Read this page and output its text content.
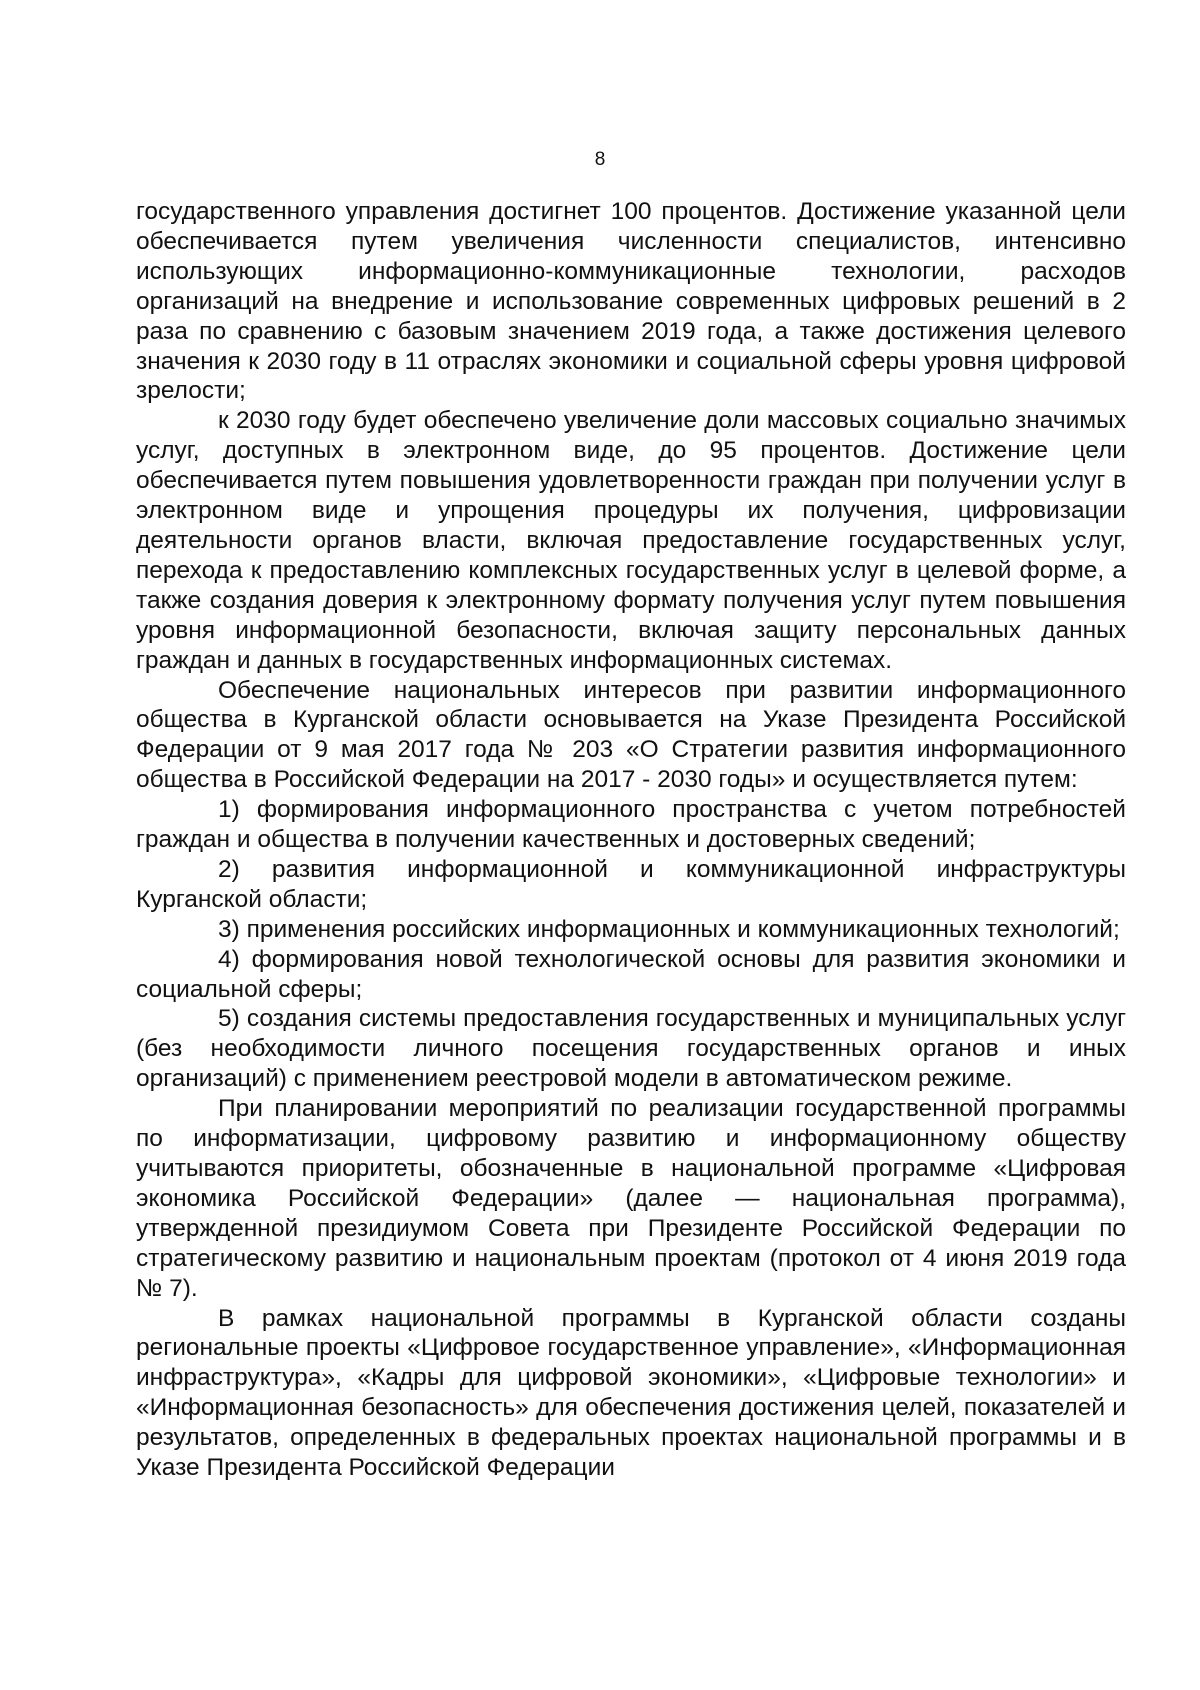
8

государственного управления достигнет 100 процентов. Достижение указанной цели обеспечивается путем увеличения численности специалистов, интенсивно использующих информационно-коммуникационные технологии, расходов организаций на внедрение и использование современных цифровых решений в 2 раза по сравнению с базовым значением 2019 года, а также достижения целевого значения к 2030 году в 11 отраслях экономики и социальной сферы уровня цифровой зрелости;

к 2030 году будет обеспечено увеличение доли массовых социально значимых услуг, доступных в электронном виде, до 95 процентов. Достижение цели обеспечивается путем повышения удовлетворенности граждан при получении услуг в электронном виде и упрощения процедуры их получения, цифровизации деятельности органов власти, включая предоставление государственных услуг, перехода к предоставлению комплексных государственных услуг в целевой форме, а также создания доверия к электронному формату получения услуг путем повышения уровня информационной безопасности, включая защиту персональных данных граждан и данных в государственных информационных системах.

Обеспечение национальных интересов при развитии информационного общества в Курганской области основывается на Указе Президента Российской Федерации от 9 мая 2017 года № 203 «О Стратегии развития информационного общества в Российской Федерации на 2017 - 2030 годы» и осуществляется путем:

1) формирования информационного пространства с учетом потребностей граждан и общества в получении качественных и достоверных сведений;

2) развития информационной и коммуникационной инфраструктуры Курганской области;

3) применения российских информационных и коммуникационных технологий;

4) формирования новой технологической основы для развития экономики и социальной сферы;

5) создания системы предоставления государственных и муниципальных услуг (без необходимости личного посещения государственных органов и иных организаций) с применением реестровой модели в автоматическом режиме.

При планировании мероприятий по реализации государственной программы по информатизации, цифровому развитию и информационному обществу учитываются приоритеты, обозначенные в национальной программе «Цифровая экономика Российской Федерации» (далее — национальная программа), утвержденной президиумом Совета при Президенте Российской Федерации по стратегическому развитию и национальным проектам (протокол от 4 июня 2019 года № 7).

В рамках национальной программы в Курганской области созданы региональные проекты «Цифровое государственное управление», «Информационная инфраструктура», «Кадры для цифровой экономики», «Цифровые технологии» и «Информационная безопасность» для обеспечения достижения целей, показателей и результатов, определенных в федеральных проектах национальной программы и в Указе Президента Российской Федерации
